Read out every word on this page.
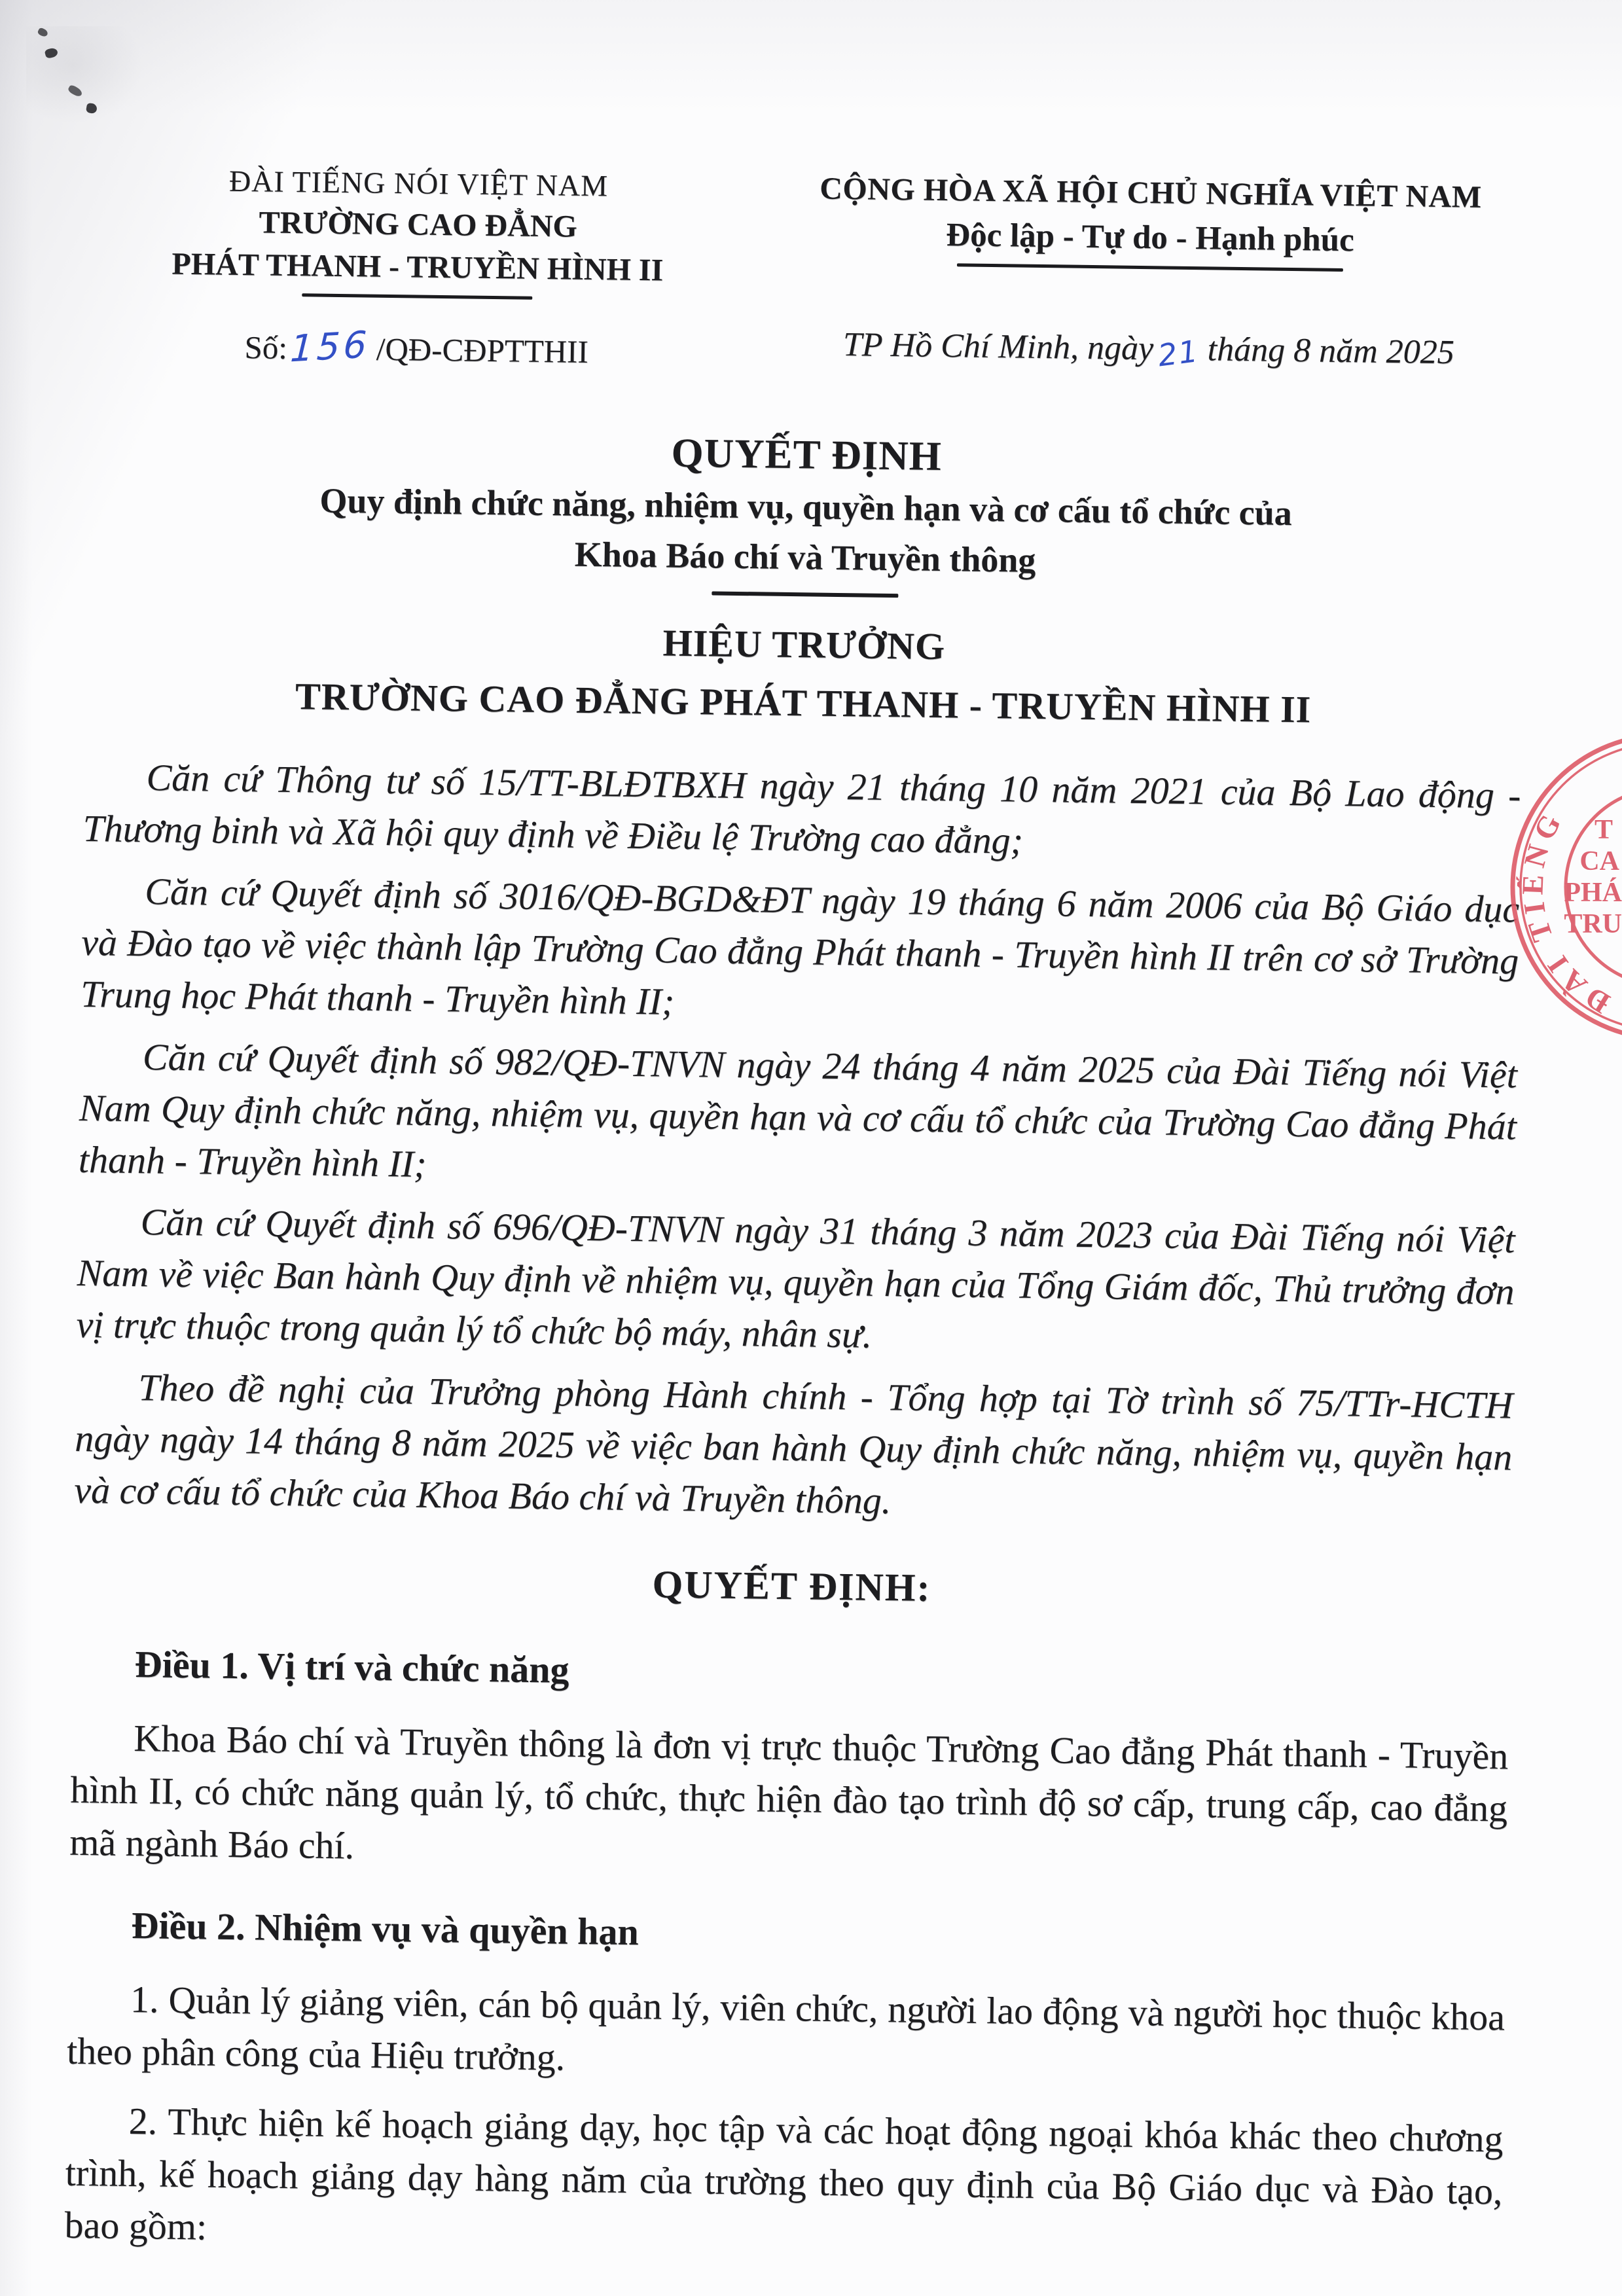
ĐÀI TIẾNG NÓI VIỆT NAM
TRƯỜNG CAO ĐẲNG
PHÁT THANH - TRUYỀN HÌNH II
Số:156 /QĐ-CĐPTTHII
CỘNG HÒA XÃ HỘI CHỦ NGHĨA VIỆT NAM
Độc lập - Tự do - Hạnh phúc
TP Hồ Chí Minh, ngày21 tháng 8 năm 2025
QUYẾT ĐỊNH
Quy định chức năng, nhiệm vụ, quyền hạn và cơ cấu tổ chức của
Khoa Báo chí và Truyền thông
HIỆU TRƯỞNG
TRƯỜNG CAO ĐẲNG PHÁT THANH - TRUYỀN HÌNH II

Căn cứ Thông tư số 15/TT-BLĐTBXH ngày 21 tháng 10 năm 2021 của Bộ Lao động - Thương binh và Xã hội quy định về Điều lệ Trường cao đẳng;

Căn cứ Quyết định số 3016/QĐ-BGD&ĐT ngày 19 tháng 6 năm 2006 của Bộ Giáo dục và Đào tạo về việc thành lập Trường Cao đẳng Phát thanh - Truyền hình II trên cơ sở Trường Trung học Phát thanh - Truyền hình II;

Căn cứ Quyết định số 982/QĐ-TNVN ngày 24 tháng 4 năm 2025 của Đài Tiếng nói Việt Nam Quy định chức năng, nhiệm vụ, quyền hạn và cơ cấu tổ chức của Trường Cao đẳng Phát thanh - Truyền hình II;

Căn cứ Quyết định số 696/QĐ-TNVN ngày 31 tháng 3 năm 2023 của Đài Tiếng nói Việt Nam về việc Ban hành Quy định về nhiệm vụ, quyền hạn của Tổng Giám đốc, Thủ trưởng đơn vị trực thuộc trong quản lý tổ chức bộ máy, nhân sự.

Theo đề nghị của Trưởng phòng Hành chính - Tổng hợp tại Tờ trình số 75/TTr-HCTH ngày ngày 14 tháng 8 năm 2025 về việc ban hành Quy định chức năng, nhiệm vụ, quyền hạn và cơ cấu tổ chức của Khoa Báo chí và Truyền thông.

QUYẾT ĐỊNH:
Điều 1. Vị trí và chức năng

Khoa Báo chí và Truyền thông là đơn vị trực thuộc Trường Cao đẳng Phát thanh - Truyền hình II, có chức năng quản lý, tổ chức, thực hiện đào tạo trình độ sơ cấp, trung cấp, cao đẳng mã ngành Báo chí.

Điều 2. Nhiệm vụ và quyền hạn

1. Quản lý giảng viên, cán bộ quản lý, viên chức, người lao động và người học thuộc khoa theo phân công của Hiệu trưởng.

2. Thực hiện kế hoạch giảng dạy, học tập và các hoạt động ngoại khóa khác theo chương trình, kế hoạch giảng dạy hàng năm của trường theo quy định của Bộ Giáo dục và Đào tạo, bao gồm:

ĐÀI TIẾNG T
CA
PHÁ
TRU
